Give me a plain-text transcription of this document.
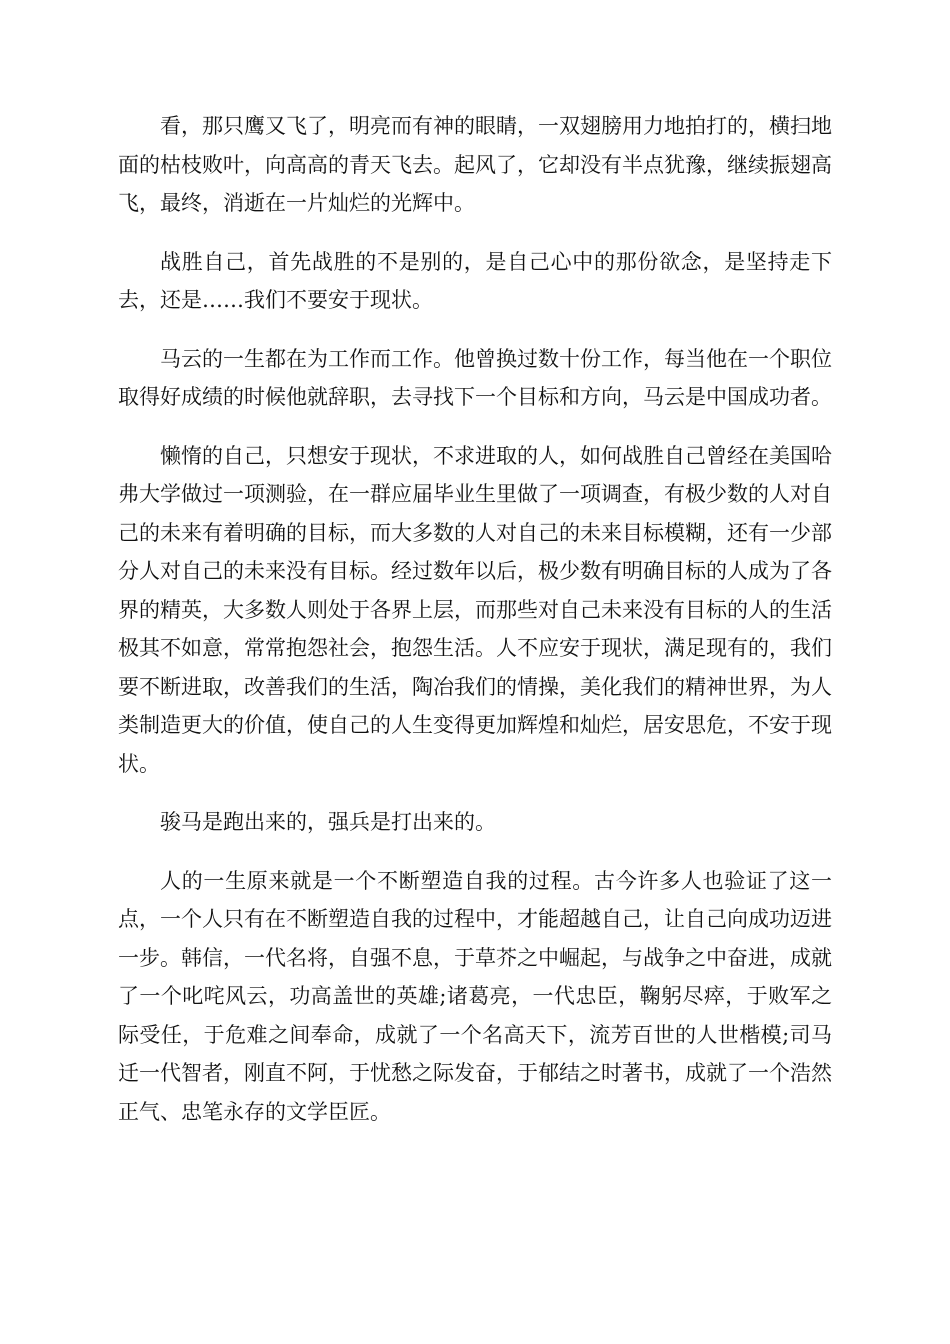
看，那只鹰又飞了，明亮而有神的眼睛，一双翅膀用力地拍打的，横扫地面的枯枝败叶，向高高的青天飞去。起风了，它却没有半点犹豫，继续振翅高飞，最终，消逝在一片灿烂的光辉中。

战胜自己，首先战胜的不是别的，是自己心中的那份欲念，是坚持走下去，还是……我们不要安于现状。

马云的一生都在为工作而工作。他曾换过数十份工作，每当他在一个职位取得好成绩的时候他就辞职，去寻找下一个目标和方向，马云是中国成功者。

懒惰的自己，只想安于现状，不求进取的人，如何战胜自己曾经在美国哈弗大学做过一项测验，在一群应届毕业生里做了一项调查，有极少数的人对自己的未来有着明确的目标，而大多数的人对自己的未来目标模糊，还有一少部分人对自己的未来没有目标。经过数年以后，极少数有明确目标的人成为了各界的精英，大多数人则处于各界上层，而那些对自己未来没有目标的人的生活极其不如意，常常抱怨社会，抱怨生活。人不应安于现状，满足现有的，我们要不断进取，改善我们的生活，陶冶我们的情操，美化我们的精神世界，为人类制造更大的价值，使自己的人生变得更加辉煌和灿烂，居安思危，不安于现状。

骏马是跑出来的，强兵是打出来的。

人的一生原来就是一个不断塑造自我的过程。古今许多人也验证了这一点，一个人只有在不断塑造自我的过程中，才能超越自己，让自己向成功迈进一步。韩信，一代名将，自强不息，于草芥之中崛起，与战争之中奋进，成就了一个叱咤风云，功高盖世的英雄;诸葛亮，一代忠臣，鞠躬尽瘁，于败军之际受任，于危难之间奉命，成就了一个名高天下，流芳百世的人世楷模;司马迁一代智者，刚直不阿，于忧愁之际发奋，于郁结之时著书，成就了一个浩然正气、忠笔永存的文学臣匠。
